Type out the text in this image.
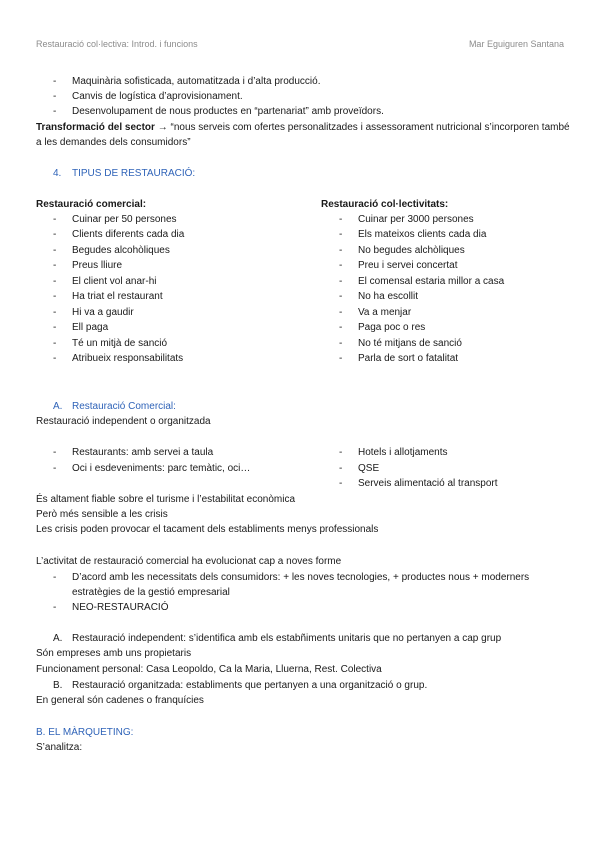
Restauració col·lectiva: Introd. i funcions	Mar Eguiguren Santana
- Maquinària sofisticada, automatitzada i d’alta producció.
- Canvis de logística d’aprovisionament.
- Desenvolupament de nous productes en “partenariat” amb proveïdors.
Transformació del sector → “nous serveis com ofertes personalitzades i assessorament nutricional s’incorporen també
a les demandes dels consumidors”
4. TIPUS DE RESTAURACIÓ:
Restauració comercial:
- Cuinar per 50 persones
- Clients diferents cada dia
- Begudes alcohòliques
- Preus lliure
- El client vol anar-hi
- Ha triat el restaurant
- Hi va a gaudir
- Ell paga
- Té un mitjà de sanció
- Atribueix responsabilitats
Restauració col·lectivitats:
- Cuinar per 3000 persones
- Els mateixos clients cada dia
- No begudes alchòliques
- Preu i servei concertat
- El comensal estaria millor a casa
- No ha escollit
- Va a menjar
- Paga poc o res
- No té mitjans de sanció
- Parla de sort o fatalitat
A. Restauració Comercial:
Restauració independent o organitzada
- Restaurants: amb servei a taula
- Oci i esdeveniments: parc temàtic, oci…
- Hotels i allotjaments
- QSE
- Serveis alimentació al transport
És altament fiable sobre el turisme i l’estabilitat econòmica
Però més sensible a les crisis
Les crisis poden provocar el tacament dels establiments menys professionals
L’activitat de restauració comercial ha evolucionat cap a noves forme
- D’acord amb les necessitats dels consumidors: + les noves tecnologies, + productes nous + moderners
estratègies de la gestió empresarial
- NEO-RESTAURACIÓ
A. Restauració independent: s’identifica amb els estabñiments unitaris que no pertanyen a cap grup
Són empreses amb uns propietaris
Funcionament personal: Casa Leopoldo, Ca la Maria, Lluerna, Rest. Colectiva
B. Restauració organitzada: establiments que pertanyen a una organització o grup.
En general són cadenes o franquícies
B. EL MÀRQUETING:
S’analitza:
